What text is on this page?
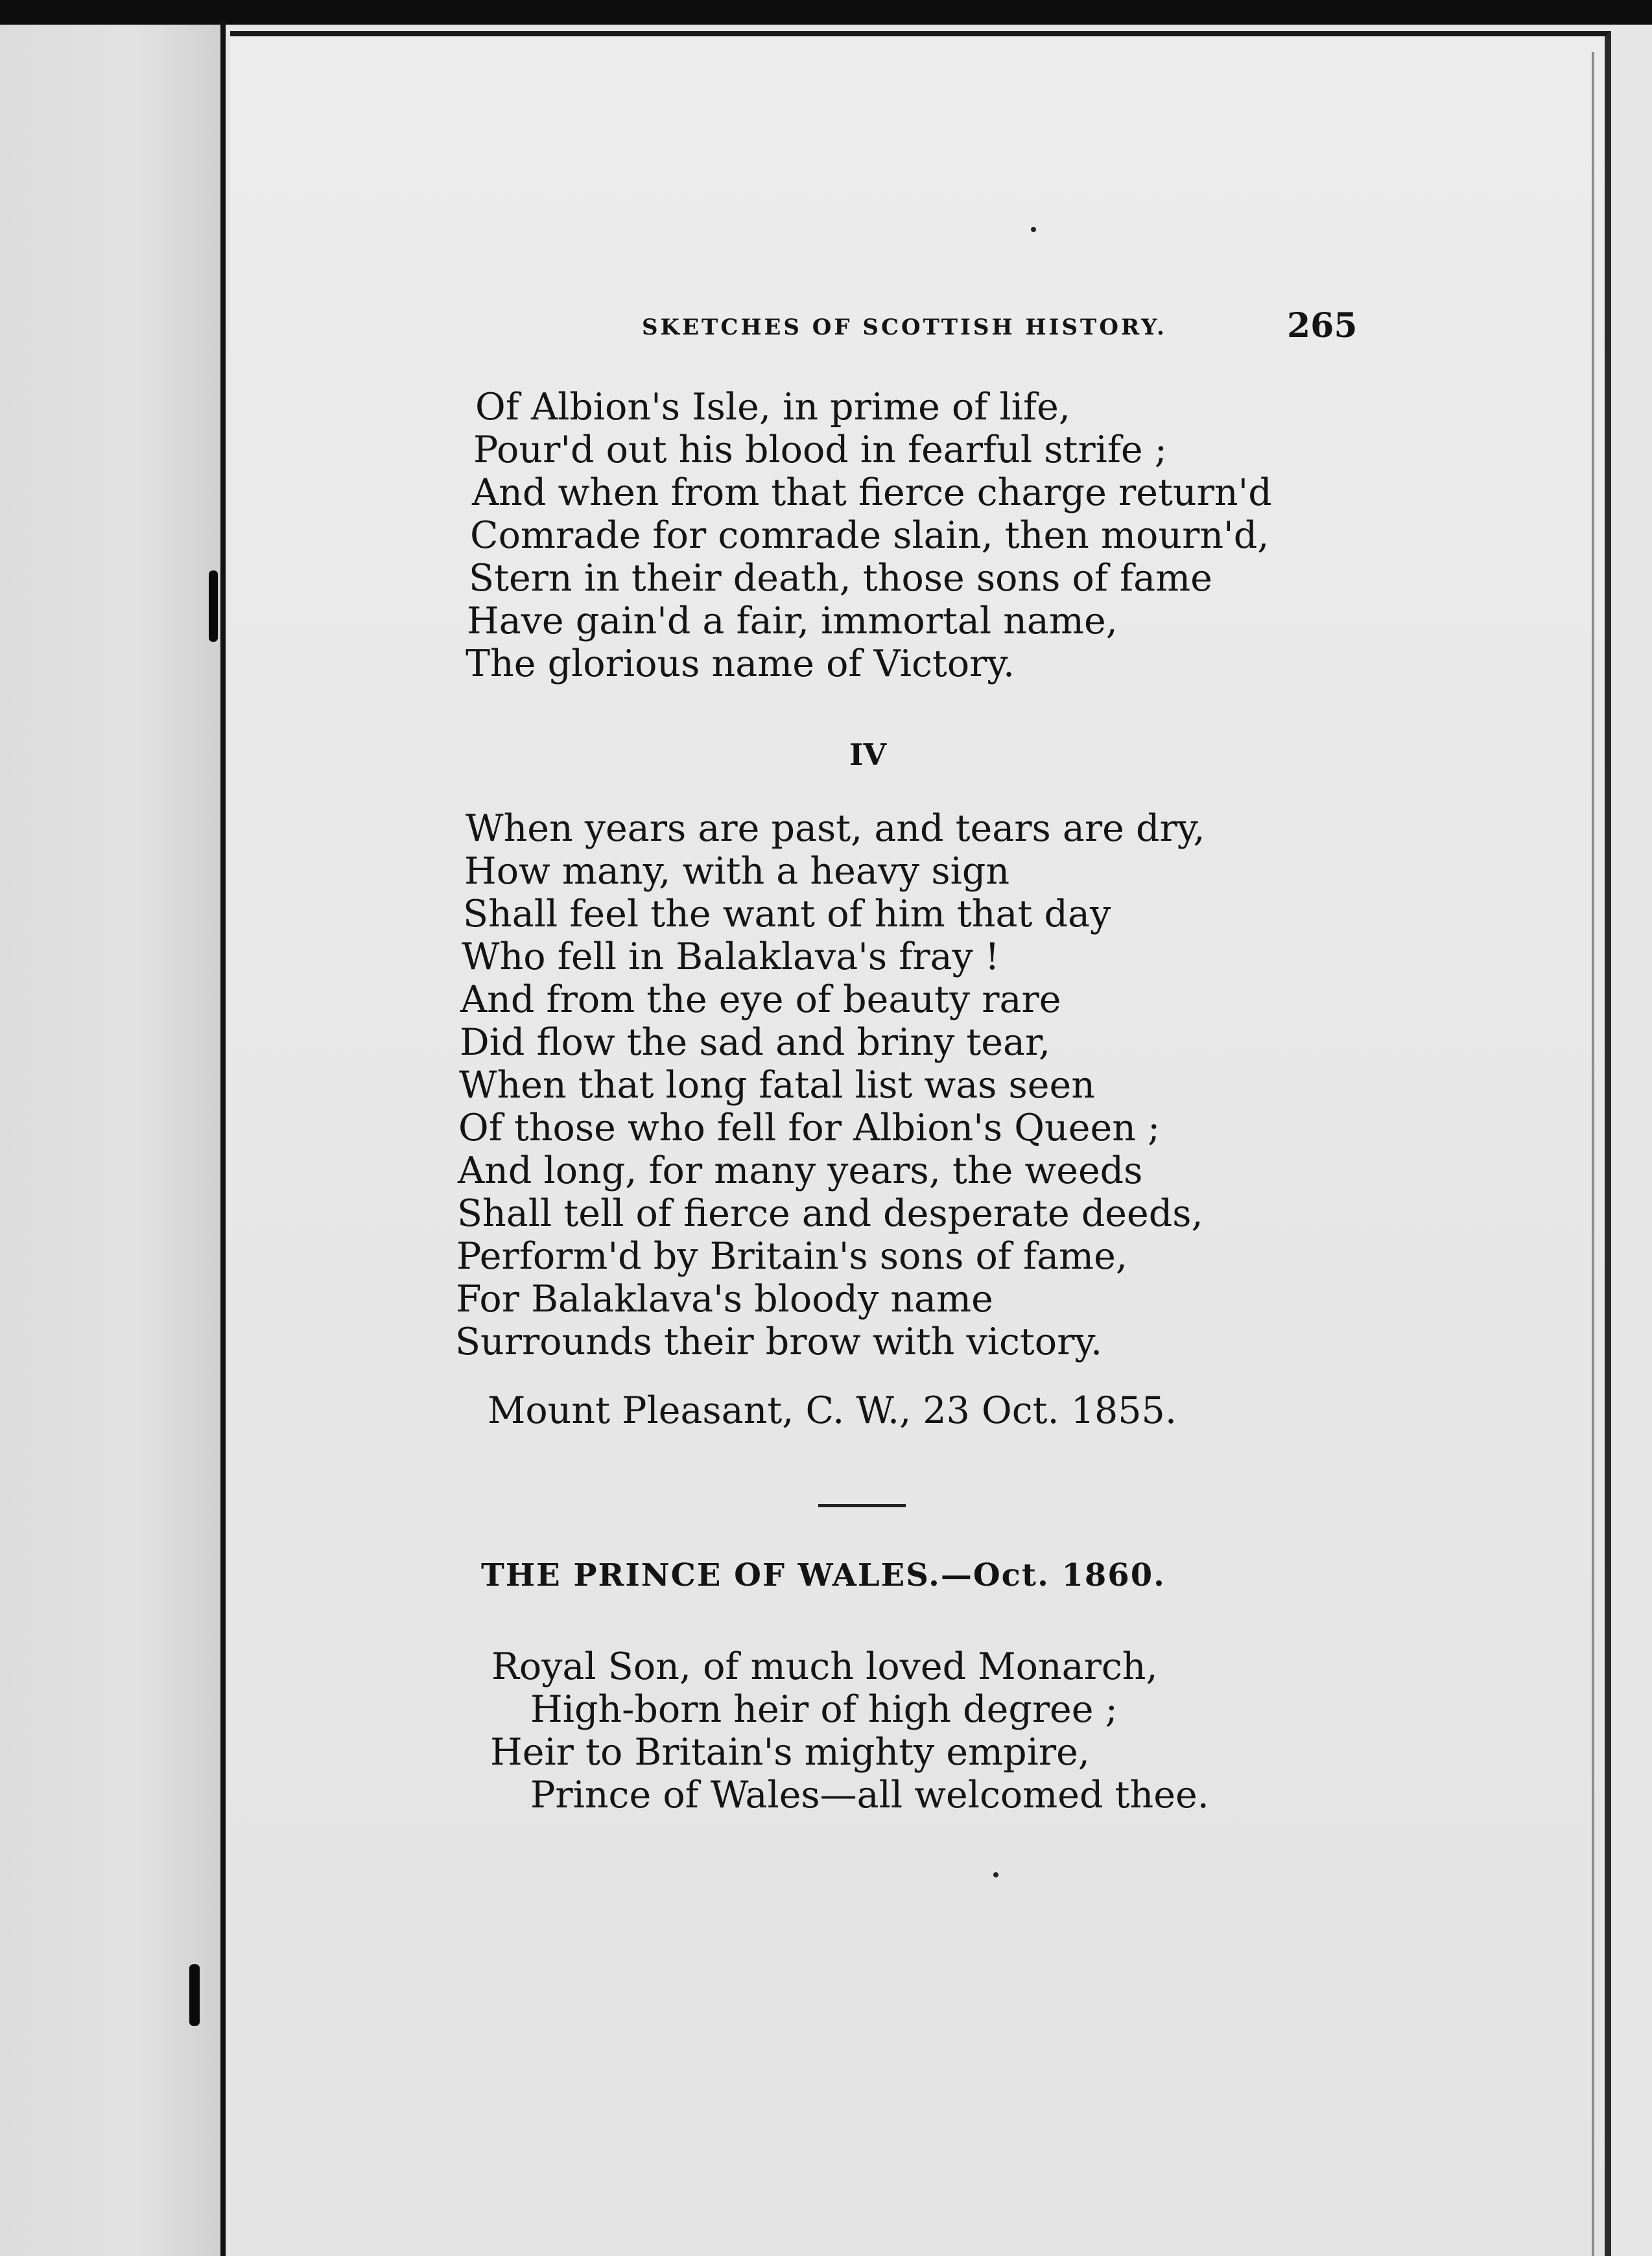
SKETCHES OF SCOTTISH HISTORY.	265
Of Albion's Isle, in prime of life,
Pour'd out his blood in fearful strife ;
And when from that fierce charge return'd
Comrade for comrade slain, then mourn'd,
Stern in their death, those sons of fame
Have gain'd a fair, immortal name,
The glorious name of Victory.
IV
When years are past, and tears are dry,
How many, with a heavy sign
Shall feel the want of him that day
Who fell in Balaklava's fray !
And from the eye of beauty rare
Did flow the sad and briny tear,
When that long fatal list was seen
Of those who fell for Albion's Queen ;
And long, for many years, the weeds
Shall tell of fierce and desperate deeds,
Perform'd by Britain's sons of fame,
For Balaklava's bloody name
Surrounds their brow with victory.
Mount Pleasant, C. W., 23 Oct. 1855.
THE PRINCE OF WALES.—Oct. 1860.
Royal Son, of much loved Monarch,
High-born heir of high degree ;
Heir to Britain's mighty empire,
Prince of Wales—all welcomed thee.
